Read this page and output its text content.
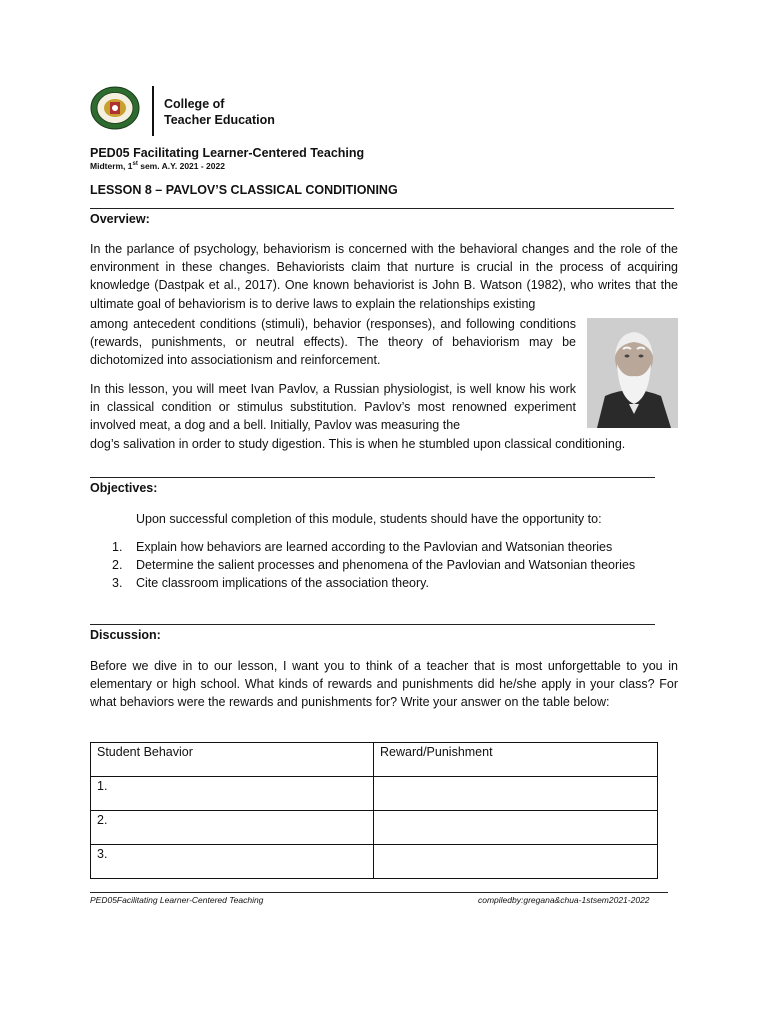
College of
Teacher Education
PED05 Facilitating Learner-Centered Teaching
Midterm, 1st sem. A.Y. 2021 - 2022
LESSON 8 – PAVLOV’S CLASSICAL CONDITIONING
Overview:
In the parlance of psychology, behaviorism is concerned with the behavioral changes and the role of the environment in these changes. Behaviorists claim that nurture is crucial in the process of acquiring knowledge (Dastpak et al., 2017). One known behaviorist is John B. Watson (1982), who writes that the ultimate goal of behaviorism is to derive laws to explain the relationships existing
among antecedent conditions (stimuli), behavior (responses), and following conditions (rewards, punishments, or neutral effects). The theory of behaviorism may be dichotomized into associationism and reinforcement.
In this lesson, you will meet Ivan Pavlov, a Russian physiologist, is well know his work in classical condition or stimulus substitution. Pavlov’s most renowned experiment involved meat, a dog and a bell. Initially, Pavlov was measuring the
dog’s salivation in order to study digestion. This is when he stumbled upon classical conditioning.
Objectives:
Upon successful completion of this module, students should have the opportunity to:
1. Explain how behaviors are learned according to the Pavlovian and Watsonian theories
2. Determine the salient processes and phenomena of the Pavlovian and Watsonian theories
3. Cite classroom implications of the association theory.
Discussion:
Before we dive in to our lesson, I want you to think of a teacher that is most unforgettable to you in elementary or high school. What kinds of rewards and punishments did he/she apply in your class? For what behaviors were the rewards and punishments for? Write your answer on the table below:
Student Behavior	Reward/Punishment
1.	
2.	
3.	
PED05Facilitating Learner-Centered Teaching	compiledby:gregana&chua-1stsem2021-2022
